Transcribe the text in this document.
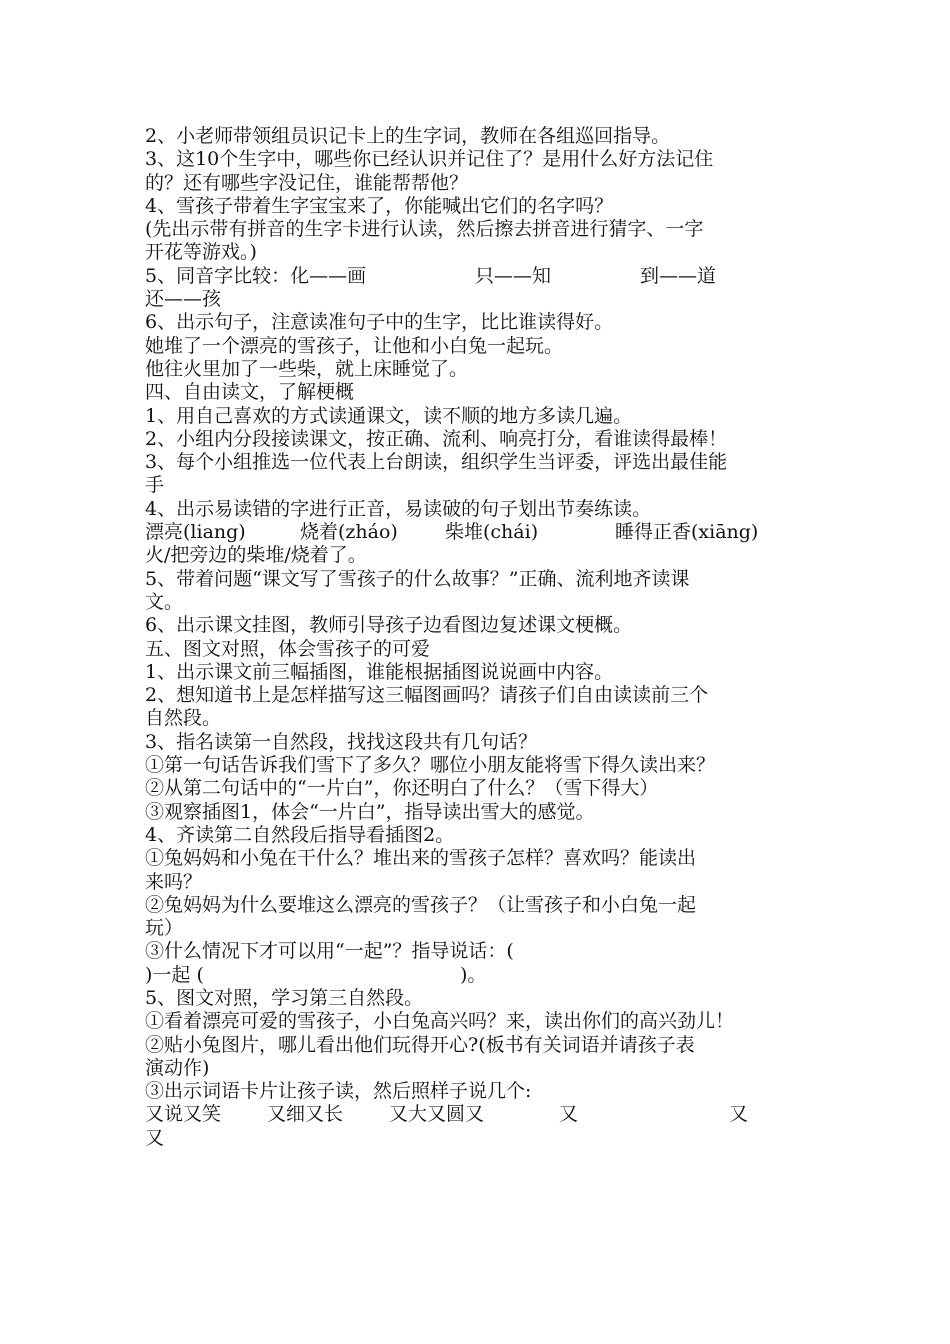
2、小老师带领组员识记卡上的生字词，教师在各组巡回指导。
3、这10个生字中，哪些你已经认识并记住了？是用什么好方法记住
的？还有哪些字没记住，谁能帮帮他？
4、雪孩子带着生字宝宝来了，你能喊出它们的名字吗？
(先出示带有拼音的生字卡进行认读，然后擦去拼音进行猜字、一字
开花等游戏。)
5、同音字比较：化——画	只——知	到——道
还——孩
6、出示句子，注意读准句子中的生字，比比谁读得好。
她堆了一个漂亮的雪孩子，让他和小白兔一起玩。
他往火里加了一些柴，就上床睡觉了。
四、自由读文，了解梗概
1、用自己喜欢的方式读通课文，读不顺的地方多读几遍。
2、小组内分段接读课文，按正确、流利、响亮打分，看谁读得最棒！
3、每个小组推选一位代表上台朗读，组织学生当评委，评选出最佳能
手
4、出示易读错的字进行正音，易读破的句子划出节奏练读。
漂亮(liang)	烧着(zháo) 柴堆(chái)	睡得正香(xiāng)
火/把旁边的柴堆/烧着了。
5、带着问题“课文写了雪孩子的什么故事？”正确、流利地齐读课
文。
6、出示课文挂图，教师引导孩子边看图边复述课文梗概。
五、图文对照，体会雪孩子的可爱
1、出示课文前三幅插图，谁能根据插图说说画中内容。
2、想知道书上是怎样描写这三幅图画吗？请孩子们自由读读前三个
自然段。
3、指名读第一自然段，找找这段共有几句话？
①第一句话告诉我们雪下了多久？哪位小朋友能将雪下得久读出来？
②从第二句话中的“一片白”，你还明白了什么？（雪下得大）
③观察插图1，体会“一片白”，指导读出雪大的感觉。
4、齐读第二自然段后指导看插图2。
①兔妈妈和小兔在干什么？堆出来的雪孩子怎样？喜欢吗？能读出
来吗？
②兔妈妈为什么要堆这么漂亮的雪孩子？（让雪孩子和小白兔一起
玩）
③什么情况下才可以用“一起”？指导说话：(
)一起 (	)。
5、图文对照，学习第三自然段。
①看着漂亮可爱的雪孩子，小白兔高兴吗？来，读出你们的高兴劲儿！
②贴小兔图片，哪儿看出他们玩得开心?(板书有关词语并请孩子表
演动作)
③出示词语卡片让孩子读，然后照样子说几个:
又说又笑 又细又长 又大又圆又	又	又
又
